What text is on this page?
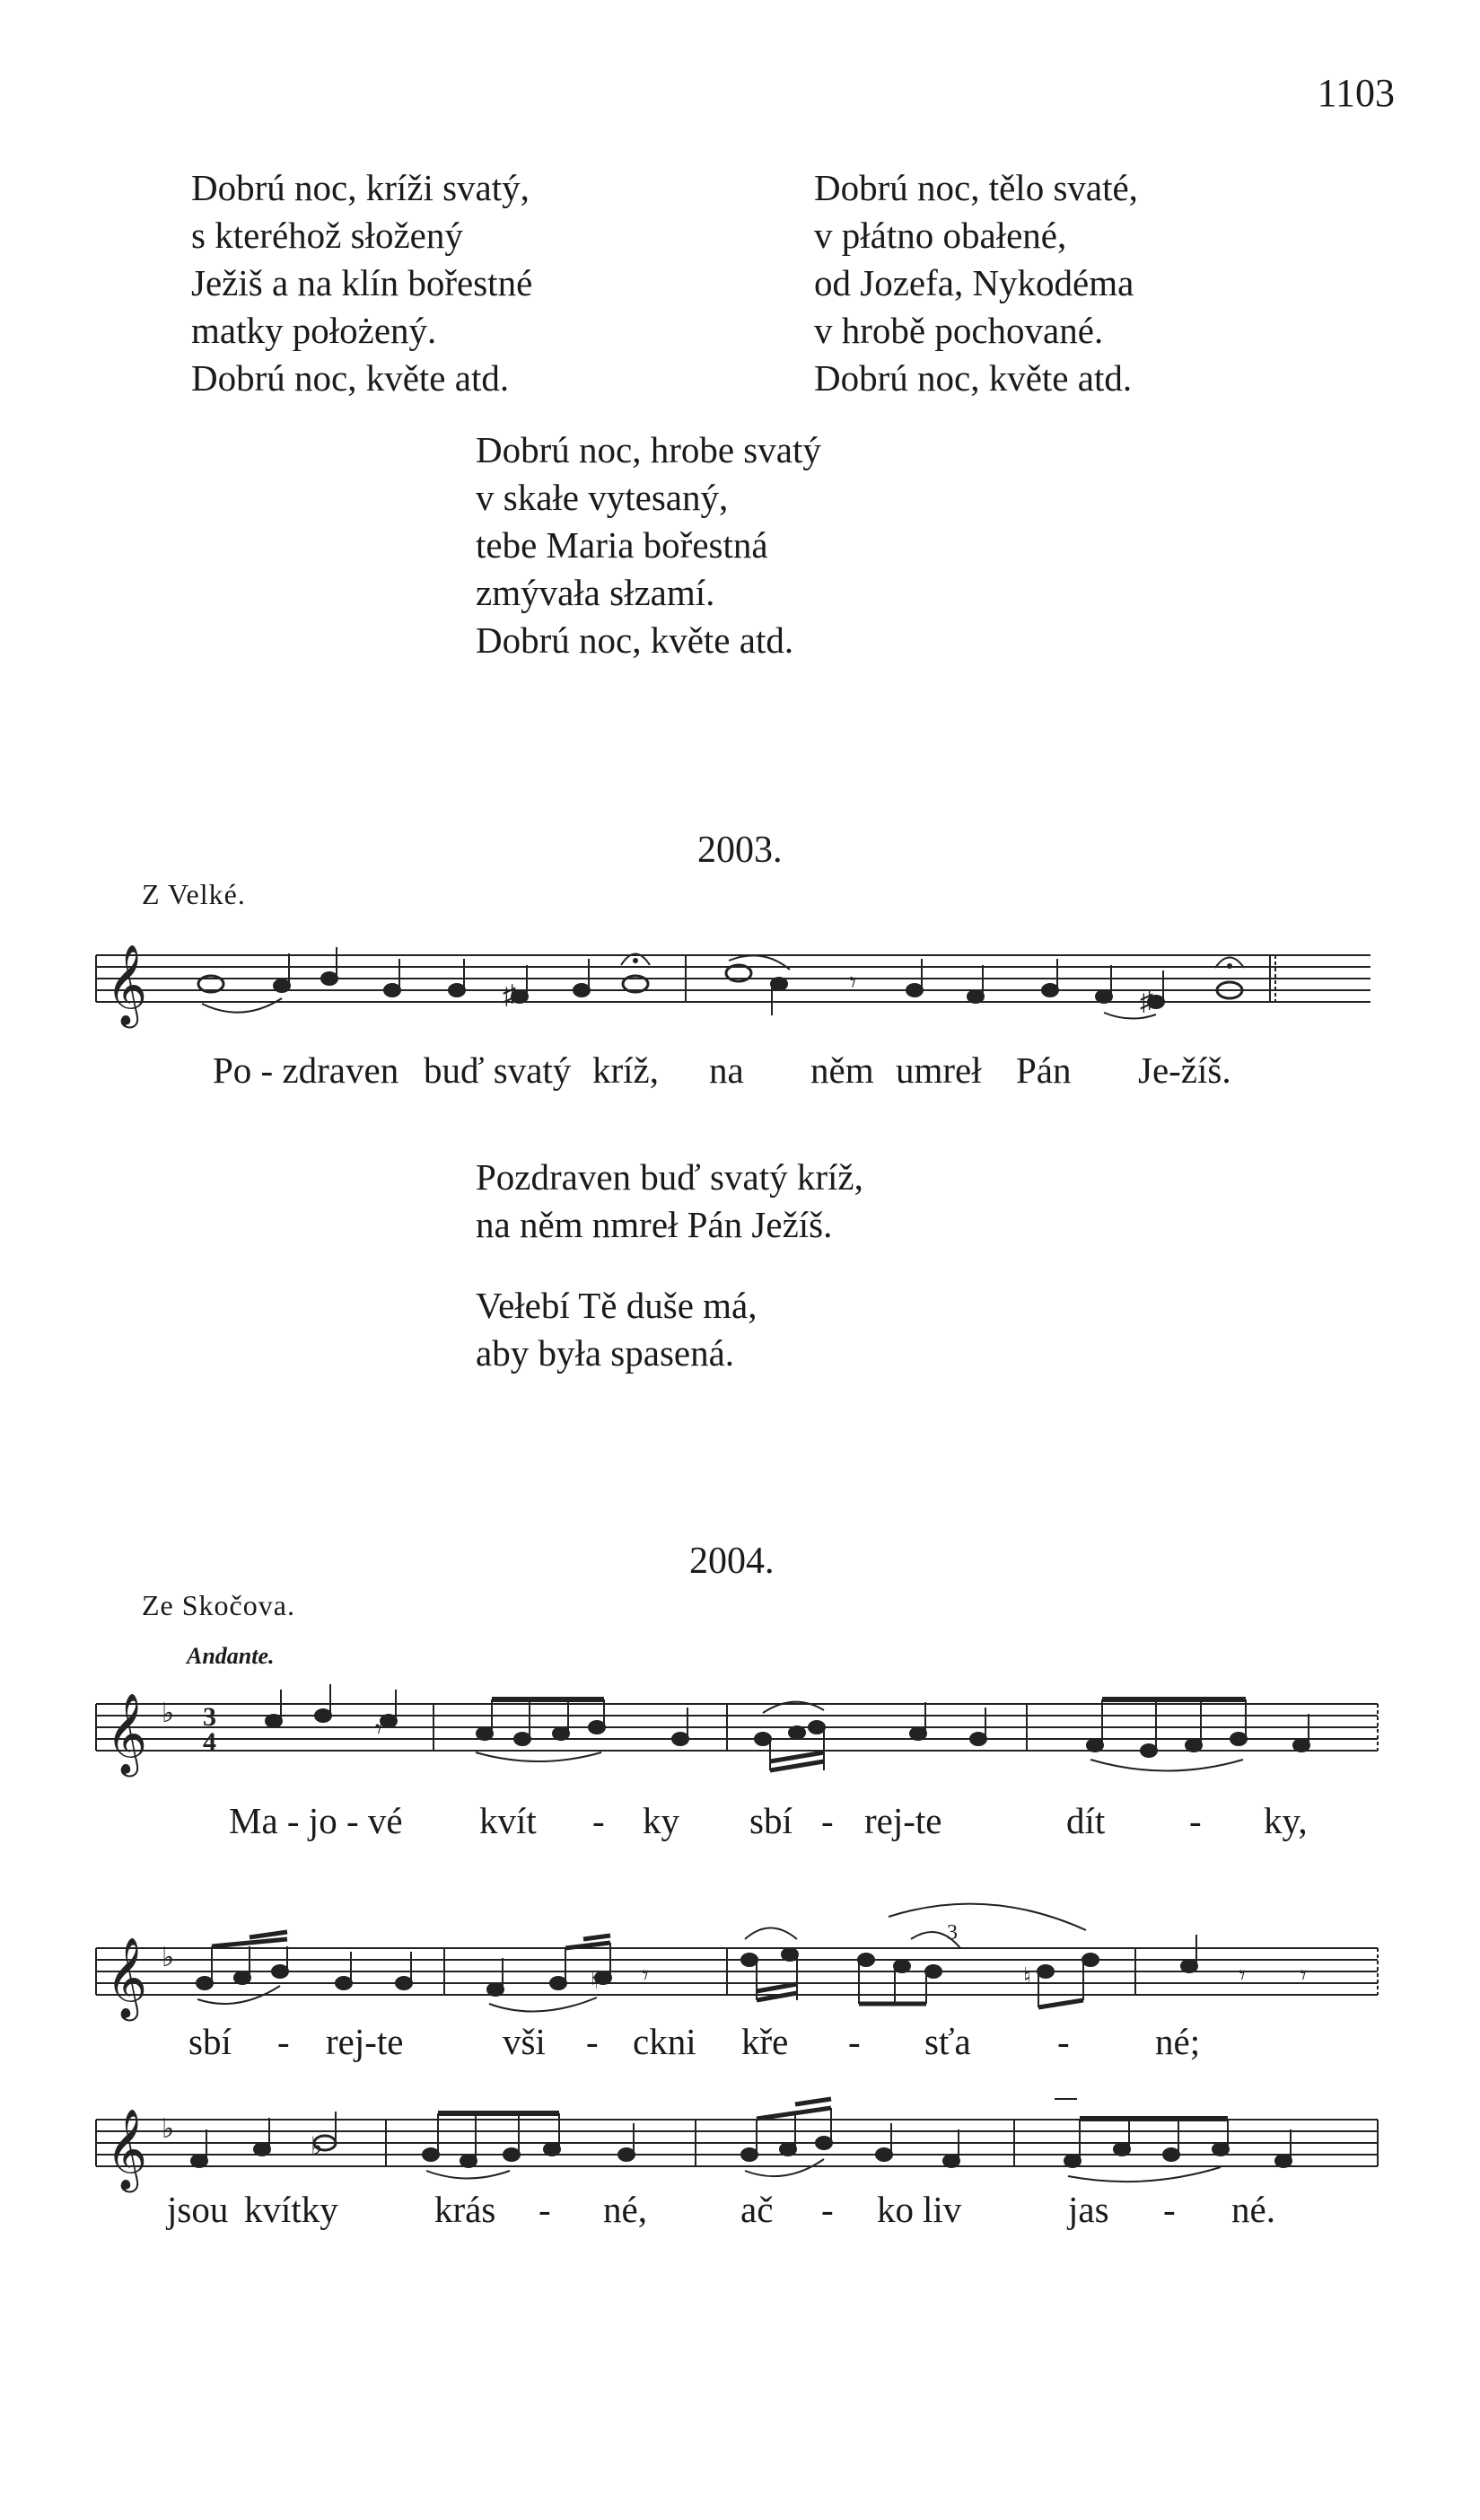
1103
Dobrú noc, kríži svatý,
s kteréhož słožený
Ježiš a na klín bořestné
matky położený.
Dobrú noc, květe atd.
Dobrú noc, tělo svaté,
v płátno obałené,
od Jozefa, Nykodéma
v hrobě pochované.
Dobrú noc, květe atd.
Dobrú noc, hrobe svatý
v skałe vytesaný,
tebe Maria bořestná
zmývała słzamí.
Dobrú noc, květe atd.
2003.
Z Velké.
𝄞	♯	♯
𝄾
Po - zdraven buď svatý kríž, na něm umreł Pán Je-žíš.
Pozdraven buď svatý kríž,
na něm nmreł Pán Ježíš.
Vełebí Tě duše má,
aby była spasená.
2004.
Ze Skočova.
Andante.
𝄞 ♭ 3
4	𝄾
𝄞 ♭
3
♮	♮
𝄾	𝄾 𝄾
𝄞 ♭
♭
Ma - jo - vé kvít - ky sbí - rej-te	dít - ky,
sbí - rej-te	vši - ckni kře - sťa - né;
jsou kvítky	krás - né,	ač - ko liv	jas - né.
